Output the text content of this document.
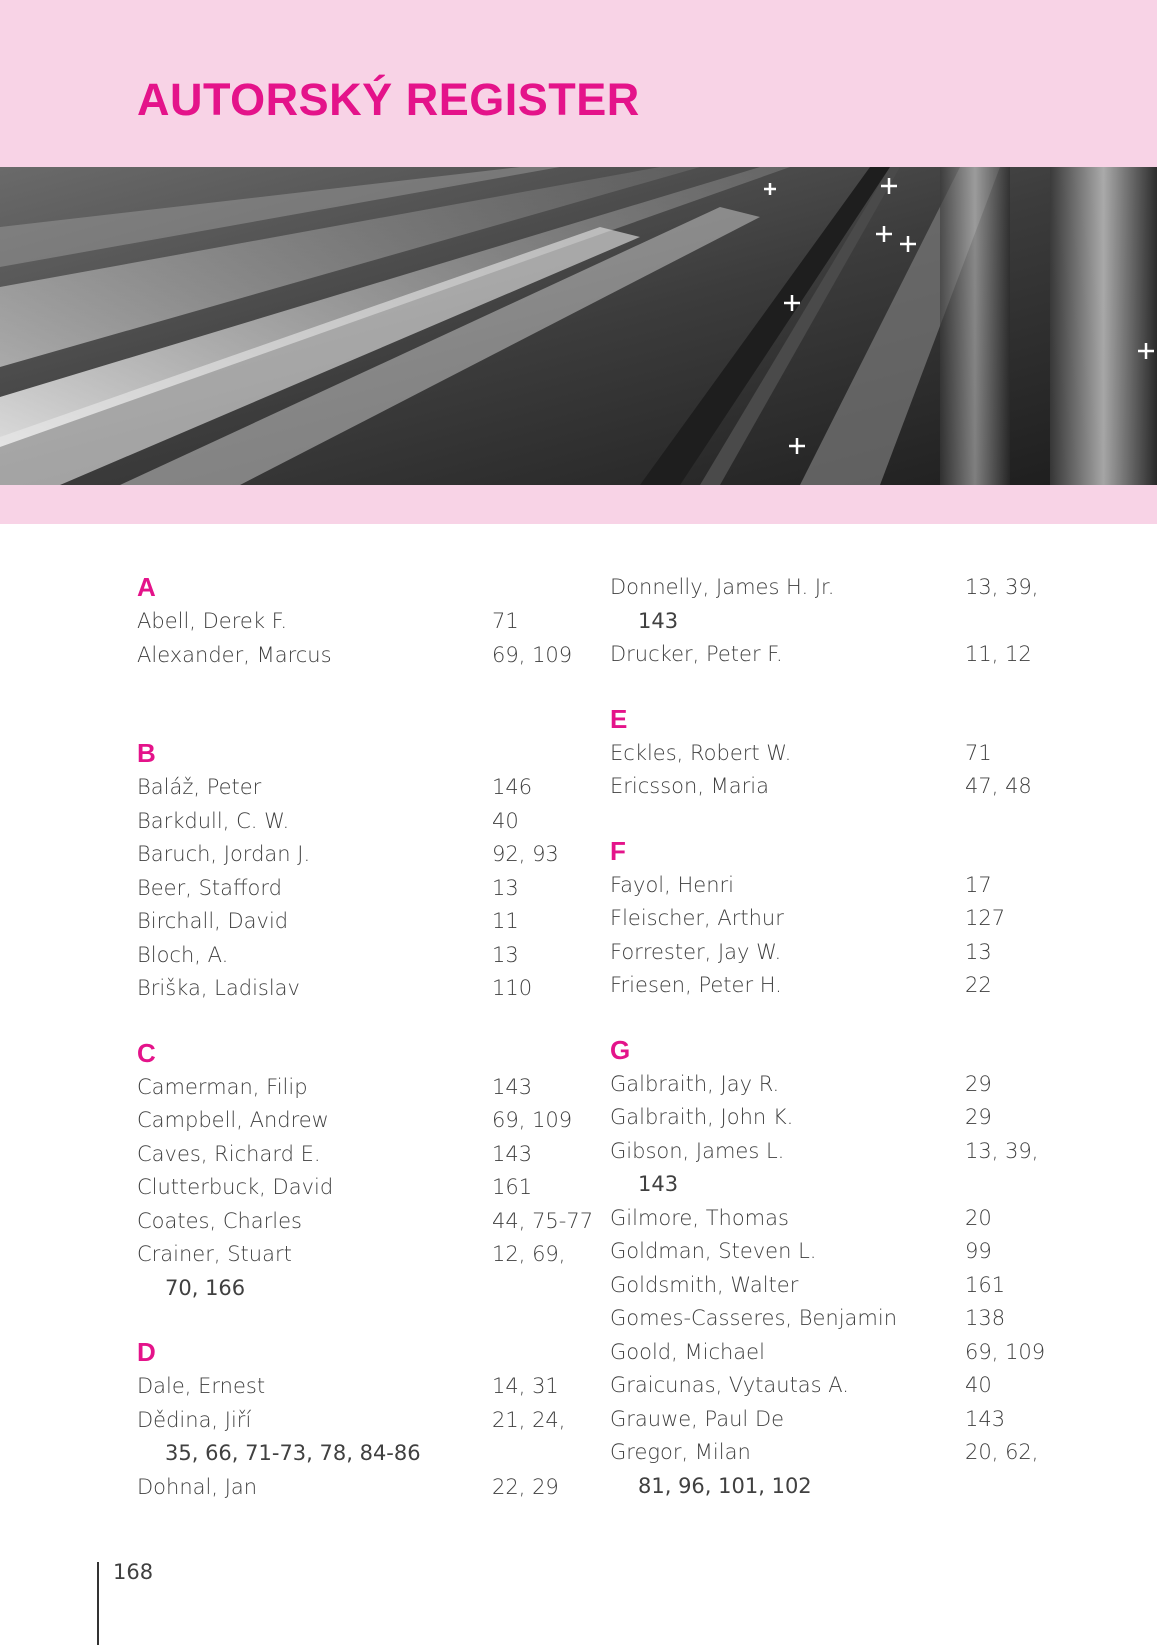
AUTORSKÝ REGISTER
A
Abell, Derek F.	71
Alexander, Marcus	69, 109
B
Baláž, Peter	146
Barkdull, C. W.	40
Baruch, Jordan J.	92, 93
Beer, Stafford	13
Birchall, David	11
Bloch, A.	13
Briška, Ladislav	110
C
Camerman, Filip	143
Campbell, Andrew	69, 109
Caves, Richard E.	143
Clutterbuck, David	161
Coates, Charles	44, 75-77
Crainer, Stuart	12, 69,
70, 166
D
Dale, Ernest	14, 31
Dědina, Jiří	21, 24,
35, 66, 71-73, 78, 84-86
Dohnal, Jan	22, 29
Donnelly, James H. Jr.	13, 39,
143
Drucker, Peter F.	11, 12
E
Eckles, Robert W.	71
Ericsson, Maria	47, 48
F
Fayol, Henri	17
Fleischer, Arthur	127
Forrester, Jay W.	13
Friesen, Peter H.	22
G
Galbraith, Jay R.	29
Galbraith, John K.	29
Gibson, James L.	13, 39,
143
Gilmore, Thomas	20
Goldman, Steven L.	99
Goldsmith, Walter	161
Gomes-Casseres, Benjamin	138
Goold, Michael	69, 109
Graicunas, Vytautas A.	40
Grauwe, Paul De	143
Gregor, Milan	20, 62,
81, 96, 101, 102
168
